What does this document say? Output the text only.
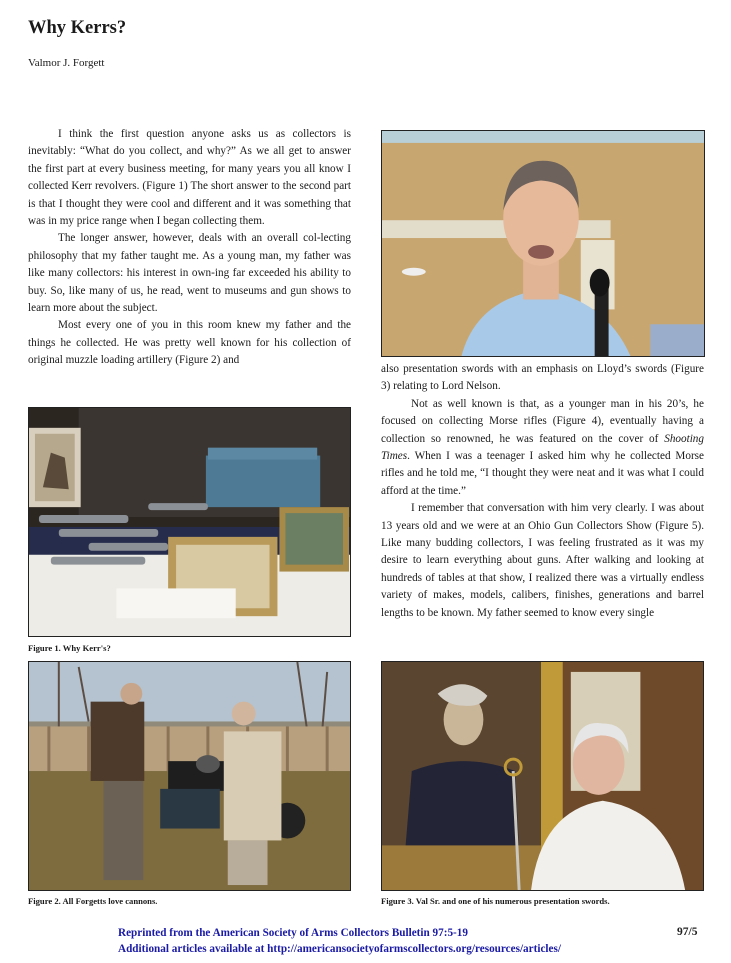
Why Kerrs?
Valmor J. Forgett

I think the first question anyone asks us as collectors is inevitably: “What do you collect, and why?” As we all get to answer the first part at every business meeting, for many years you all know I collected Kerr revolvers. (Figure 1) The short answer to the second part is that I thought they were cool and different and it was something that was in my price range when I began collecting them.

The longer answer, however, deals with an overall col-lecting philosophy that my father taught me. As a young man, my father was like many collectors: his interest in own-ing far exceeded his ability to buy. So, like many of us, he read, went to museums and gun shows to learn more about the subject.

Most every one of you in this room knew my father and the things he collected. He was pretty well known for his collection of original muzzle loading artillery (Figure 2) and

Figure 1. Why Kerr's?

also presentation swords with an emphasis on Lloyd’s swords (Figure 3) relating to Lord Nelson.

Not as well known is that, as a younger man in his 20’s, he focused on collecting Morse rifles (Figure 4), eventually having a collection so renowned, he was featured on the cover of Shooting Times. When I was a teenager I asked him why he collected Morse rifles and he told me, “I thought they were neat and it was what I could afford at the time.”

I remember that conversation with him very clearly. I was about 13 years old and we were at an Ohio Gun Collectors Show (Figure 5). Like many budding collectors, I was feeling frustrated as it was my desire to learn everything about guns. After walking and looking at hundreds of tables at that show, I realized there was a virtually endless variety of makes, models, calibers, finishes, generations and barrel lengths to be known. My father seemed to know every single

Figure 2. All Forgetts love cannons.	Figure 3. Val Sr. and one of his numerous presentation swords.
Reprinted from the American Society of Arms Collectors Bulletin 97:5-19
Additional articles available at http://americansocietyofarmscollectors.org/resources/articles/
97/5
